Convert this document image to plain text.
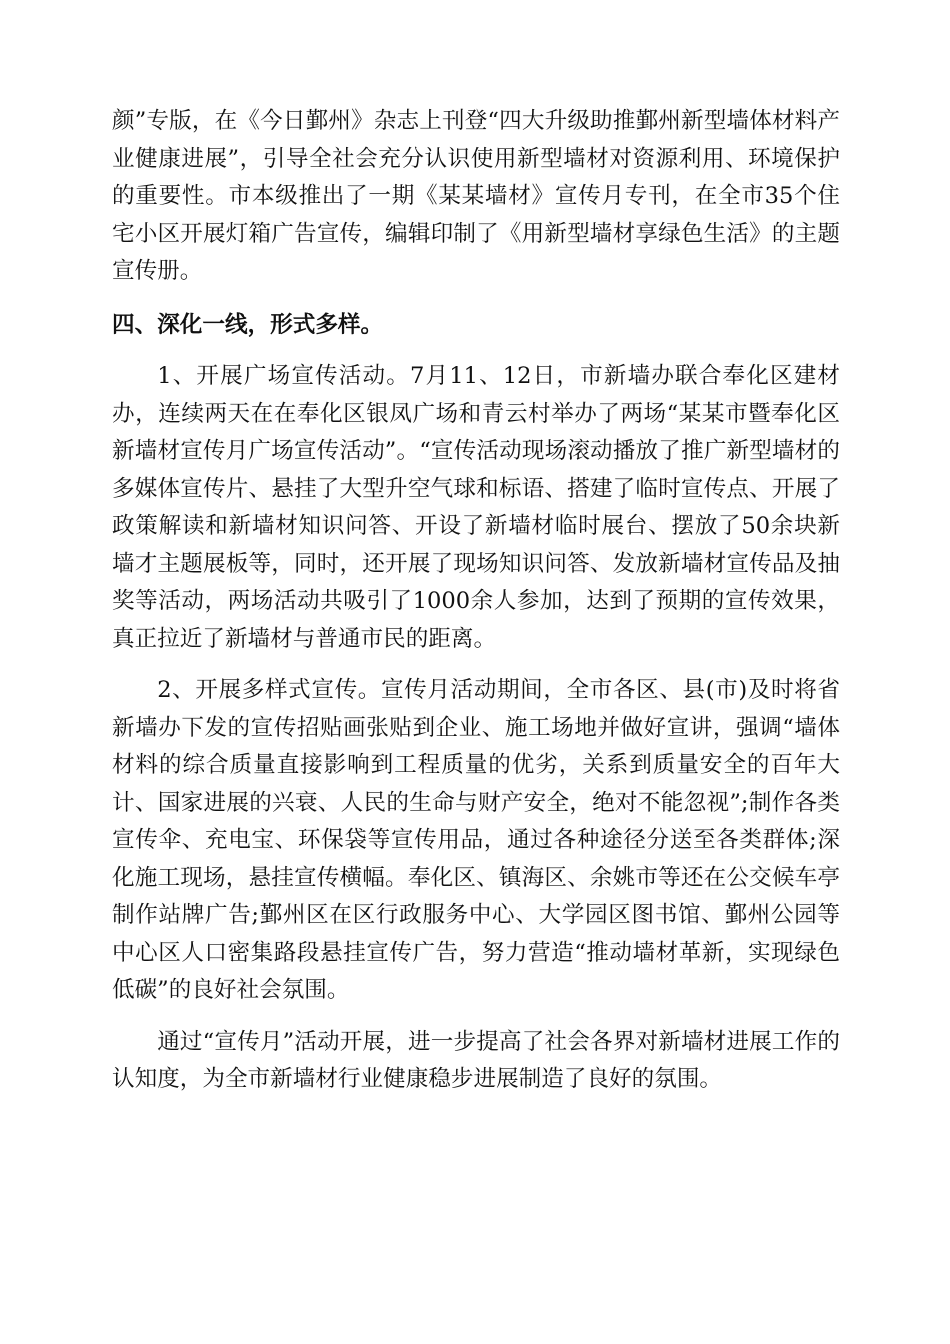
颜”专版，在《今日鄞州》杂志上刊登“四大升级助推鄞州新型墙体材料产业健康进展”，引导全社会充分认识使用新型墙材对资源利用、环境保护的重要性。市本级推出了一期《某某墙材》宣传月专刊，在全市35个住宅小区开展灯箱广告宣传，编辑印制了《用新型墙材享绿色生活》的主题宣传册。

四、深化一线，形式多样。

1、开展广场宣传活动。7月11、12日，市新墙办联合奉化区建材办，连续两天在在奉化区银凤广场和青云村举办了两场“某某市暨奉化区新墙材宣传月广场宣传活动”。“宣传活动现场滚动播放了推广新型墙材的多媒体宣传片、悬挂了大型升空气球和标语、搭建了临时宣传点、开展了政策解读和新墙材知识问答、开设了新墙材临时展台、摆放了50余块新墙才主题展板等，同时，还开展了现场知识问答、发放新墙材宣传品及抽奖等活动，两场活动共吸引了1000余人参加，达到了预期的宣传效果，真正拉近了新墙材与普通市民的距离。

2、开展多样式宣传。宣传月活动期间，全市各区、县(市)及时将省新墙办下发的宣传招贴画张贴到企业、施工场地并做好宣讲，强调“墙体材料的综合质量直接影响到工程质量的优劣，关系到质量安全的百年大计、国家进展的兴衰、人民的生命与财产安全，绝对不能忽视”;制作各类宣传伞、充电宝、环保袋等宣传用品，通过各种途径分送至各类群体;深化施工现场，悬挂宣传横幅。奉化区、镇海区、余姚市等还在公交候车亭制作站牌广告;鄞州区在区行政服务中心、大学园区图书馆、鄞州公园等中心区人口密集路段悬挂宣传广告，努力营造“推动墙材革新，实现绿色低碳”的良好社会氛围。

通过“宣传月”活动开展，进一步提高了社会各界对新墙材进展工作的认知度，为全市新墙材行业健康稳步进展制造了良好的氛围。
